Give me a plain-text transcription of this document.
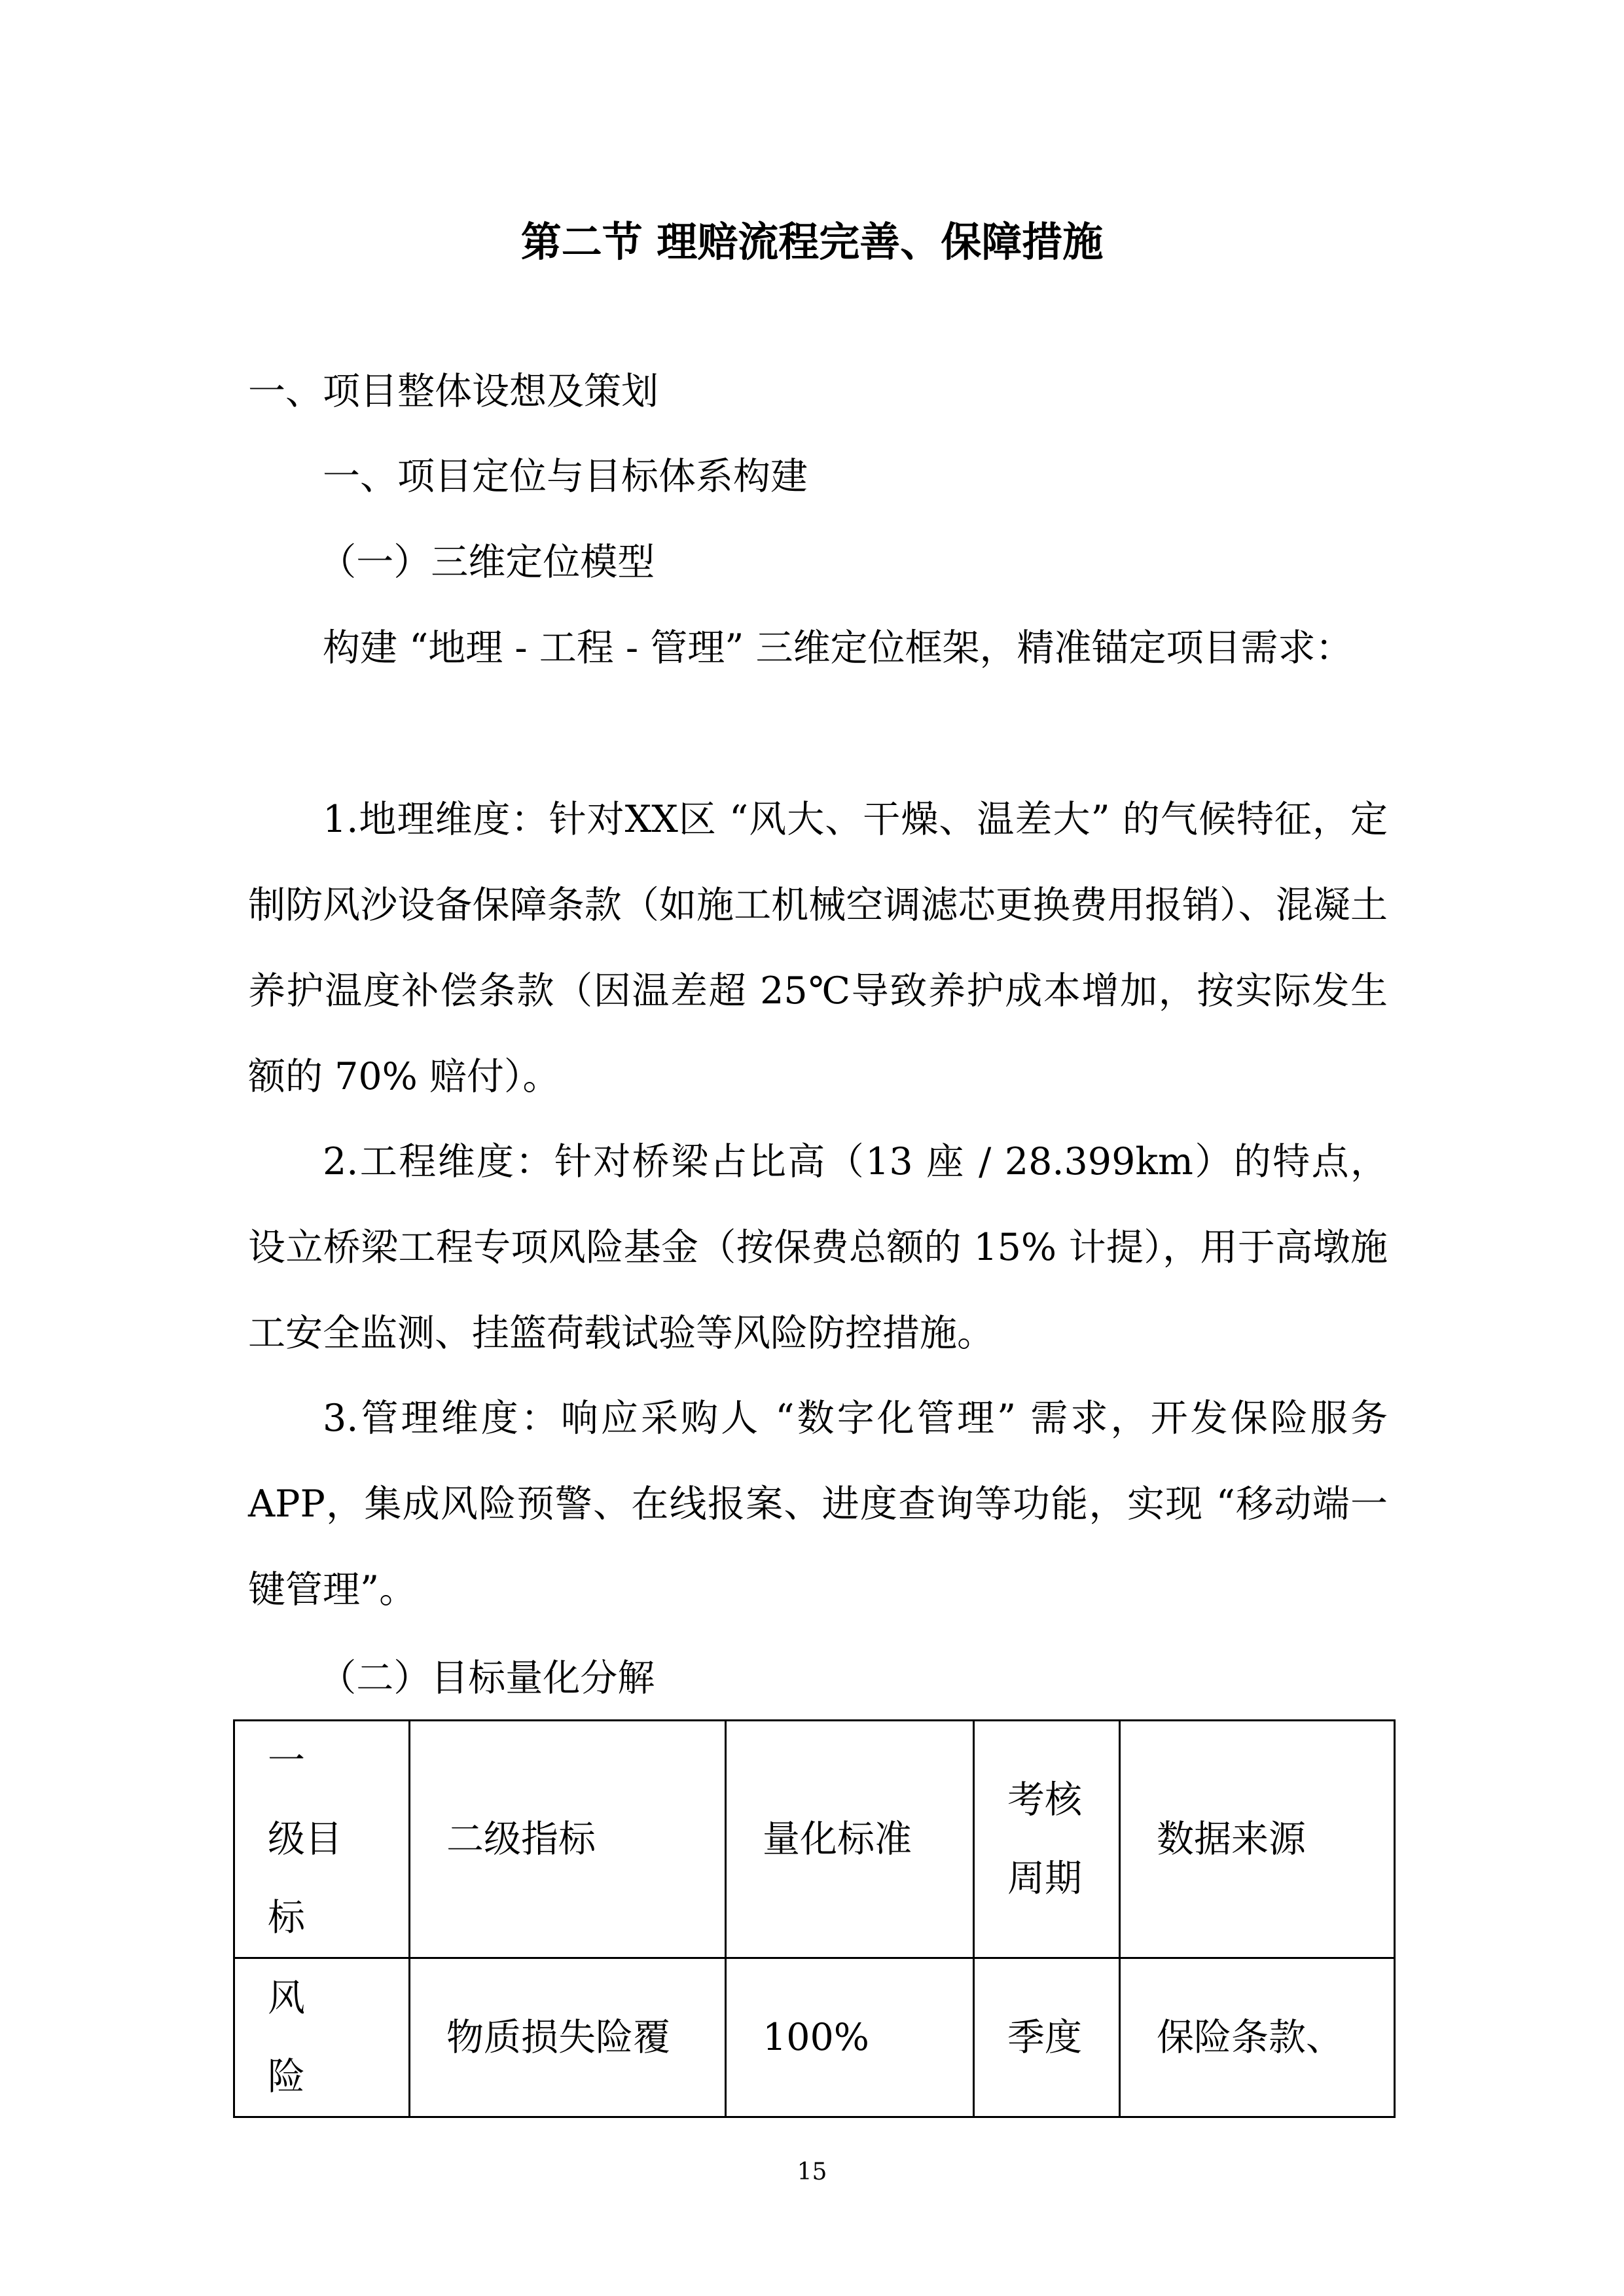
第二节 理赔流程完善、保障措施
一、项目整体设想及策划
一、项目定位与目标体系构建
（一）三维定位模型
构建 “地理 - 工程 - 管理” 三维定位框架，精准锚定项目需求：
1.地理维度：针对XX区 “风大、干燥、温差大” 的气候特征，定制防风沙设备保障条款（如施工机械空调滤芯更换费用报销）、混凝土养护温度补偿条款（因温差超 25℃导致养护成本增加，按实际发生额的 70% 赔付）。
2.工程维度：针对桥梁占比高（13 座 / 28.399km）的特点，设立桥梁工程专项风险基金（按保费总额的 15% 计提），用于高墩施工安全监测、挂篮荷载试验等风险防控措施。
3.管理维度：响应采购人 “数字化管理” 需求，开发保险服务APP，集成风险预警、在线报案、进度查询等功能，实现 “移动端一键管理”。
（二）目标量化分解
一　级目标	二级指标	量化标准	考核周期	数据来源
风　险	物质损失险覆	100%	季度	保险条款、
15
